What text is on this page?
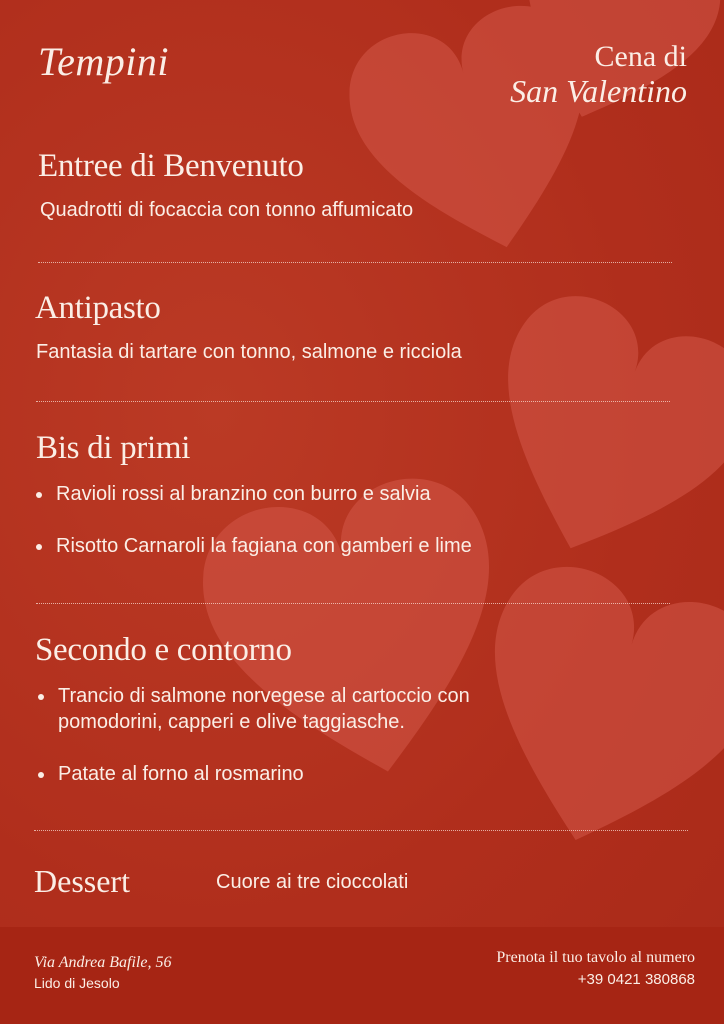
Tempini	Cena di
San Valentino
Entree di Benvenuto
Quadrotti di focaccia con tonno affumicato
Antipasto
Fantasia di tartare con tonno, salmone e ricciola
Bis di primi
Ravioli rossi al branzino con burro e salvia
Risotto Carnaroli la fagiana con gamberi e lime
Secondo e contorno
Trancio di salmone norvegese al cartoccio con pomodorini, capperi e olive taggiasche.
Patate al forno al rosmarino
Dessert	Cuore ai tre cioccolati
Via Andrea Bafile, 56
Lido di Jesolo
Prenota il tuo tavolo al numero
+39 0421 380868
